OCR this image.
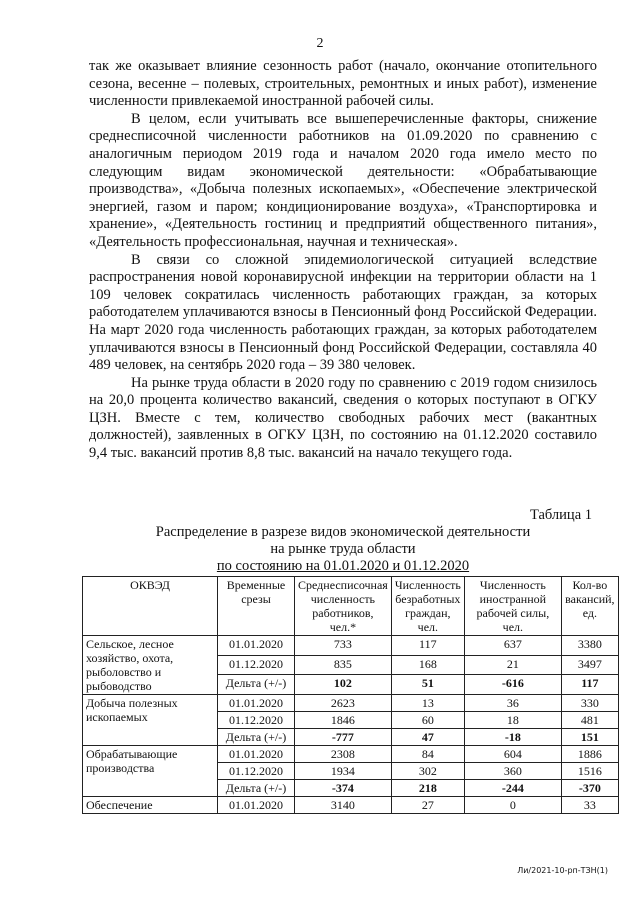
2

так же оказывает влияние сезонность работ (начало, окончание отопительного сезона, весенне – полевых, строительных, ремонтных и иных работ), изменение численности привлекаемой иностранной рабочей силы.

В целом, если учитывать все вышеперечисленные факторы, снижение среднесписочной численности работников на 01.09.2020 по сравнению с аналогичным периодом 2019 года и началом 2020 года имело место по следующим видам экономической деятельности: «Обрабатывающие производства», «Добыча полезных ископаемых», «Обеспечение электрической энергией, газом и паром; кондиционирование воздуха», «Транспортировка и хранение», «Деятельность гостиниц и предприятий общественного питания», «Деятельность профессиональная, научная и техническая».

В связи со сложной эпидемиологической ситуацией вследствие распространения новой коронавирусной инфекции на территории области на 1 109 человек сократилась численность работающих граждан, за которых работодателем уплачиваются взносы в Пенсионный фонд Российской Федерации. На март 2020 года численность работающих граждан, за которых работодателем уплачиваются взносы в Пенсионный фонд Российской Федерации, составляла 40 489 человек, на сентябрь 2020 года – 39 380 человек.

На рынке труда области в 2020 году по сравнению с 2019 годом снизилось на 20,0 процента количество вакансий, сведения о которых поступают в ОГКУ ЦЗН. Вместе с тем, количество свободных рабочих мест (вакантных должностей), заявленных в ОГКУ ЦЗН, по состоянию на 01.12.2020 составило 9,4 тыс. вакансий против 8,8 тыс. вакансий на начало текущего года.

Таблица 1
Распределение в разрезе видов экономической деятельности
на рынке труда области
по состоянию на 01.01.2020 и 01.12.2020
ОКВЭД	Временные срезы	Среднесписочная численность работников, чел.*	Численность безработных граждан, чел.	Численность иностранной рабочей силы, чел.	Кол-во вакансий, ед.
Сельское, лесное хозяйство, охота, рыболовство и рыбоводство	01.01.2020	733	117	637	3380
	01.12.2020	835	168	21	3497
	Дельта (+/-)	102	51	-616	117
Добыча полезных ископаемых	01.01.2020	2623	13	36	330
	01.12.2020	1846	60	18	481
	Дельта (+/-)	-777	47	-18	151
Обрабатывающие производства	01.01.2020	2308	84	604	1886
	01.12.2020	1934	302	360	1516
	Дельта (+/-)	-374	218	-244	-370
Обеспечение	01.01.2020	3140	27	0	33
Ли/2021-10-рп-ТЗН(1)
